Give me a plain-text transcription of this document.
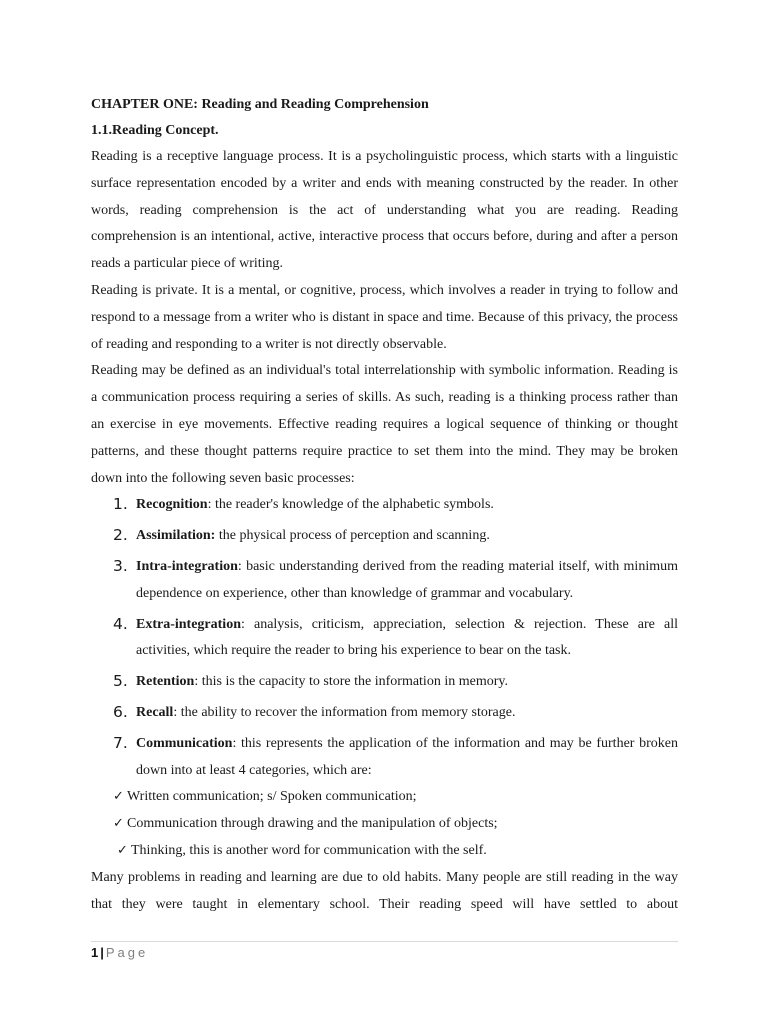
CHAPTER ONE: Reading and Reading Comprehension

1.1.Reading Concept.

Reading is a receptive language process. It is a psycholinguistic process, which starts with a linguistic surface representation encoded by a writer and ends with meaning constructed by the reader. In other words, reading comprehension is the act of understanding what you are reading. Reading comprehension is an intentional, active, interactive process that occurs before, during and after a person reads a particular piece of writing.

Reading is private. It is a mental, or cognitive, process, which involves a reader in trying to follow and respond to a message from a writer who is distant in space and time. Because of this privacy, the process of reading and responding to a writer is not directly observable.

Reading may be defined as an individual's total interrelationship with symbolic information. Reading is a communication process requiring a series of skills. As such, reading is a thinking process rather than an exercise in eye movements. Effective reading requires a logical sequence of thinking or thought patterns, and these thought patterns require practice to set them into the mind. They may be broken down into the following seven basic processes:

1. Recognition: the reader's knowledge of the alphabetic symbols.
2. Assimilation: the physical process of perception and scanning.
3. Intra-integration: basic understanding derived from the reading material itself, with minimum dependence on experience, other than knowledge of grammar and vocabulary.
4. Extra-integration: analysis, criticism, appreciation, selection & rejection. These are all activities, which require the reader to bring his experience to bear on the task.
5. Retention: this is the capacity to store the information in memory.
6. Recall: the ability to recover the information from memory storage.
7. Communication: this represents the application of the information and may be further broken down into at least 4 categories, which are:
✓ Written communication; s/ Spoken communication;
✓ Communication through drawing and the manipulation of objects;
✓ Thinking, this is another word for communication with the self.

Many problems in reading and learning are due to old habits. Many people are still reading in the way that they were taught in elementary school. Their reading speed will have settled to about

1 | Page
